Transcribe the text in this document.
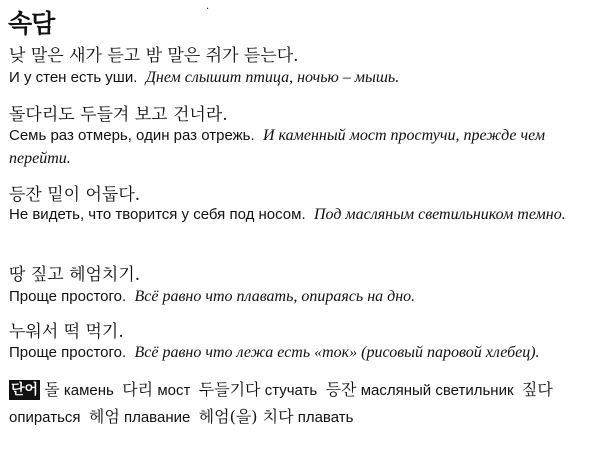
속담	·
낮 말은 새가 듣고 밤 말은 쥐가 듣는다.
И у стен есть уши. Днем слышит птица, ночью – мышь.
돌다리도 두들겨 보고 건너라.
Семь раз отмерь, один раз отрежь. И каменный мост простучи, прежде чем перейти.
등잔 밑이 어둡다.
Не видеть, что творится у себя под носом. Под масляным светильником темно.
땅 짚고 헤엄치기.
Проще простого. Всё равно что плавать, опираясь на дно.
누워서 떡 먹기.
Проще простого. Всё равно что лежа есть «ток» (рисовый паровой хлебец).
단어 돌 камень 다리 мост 두들기다 стучать 등잔 масляный светильник 짚다 опираться 헤엄 плавание 헤엄(을) 치다 плавать
